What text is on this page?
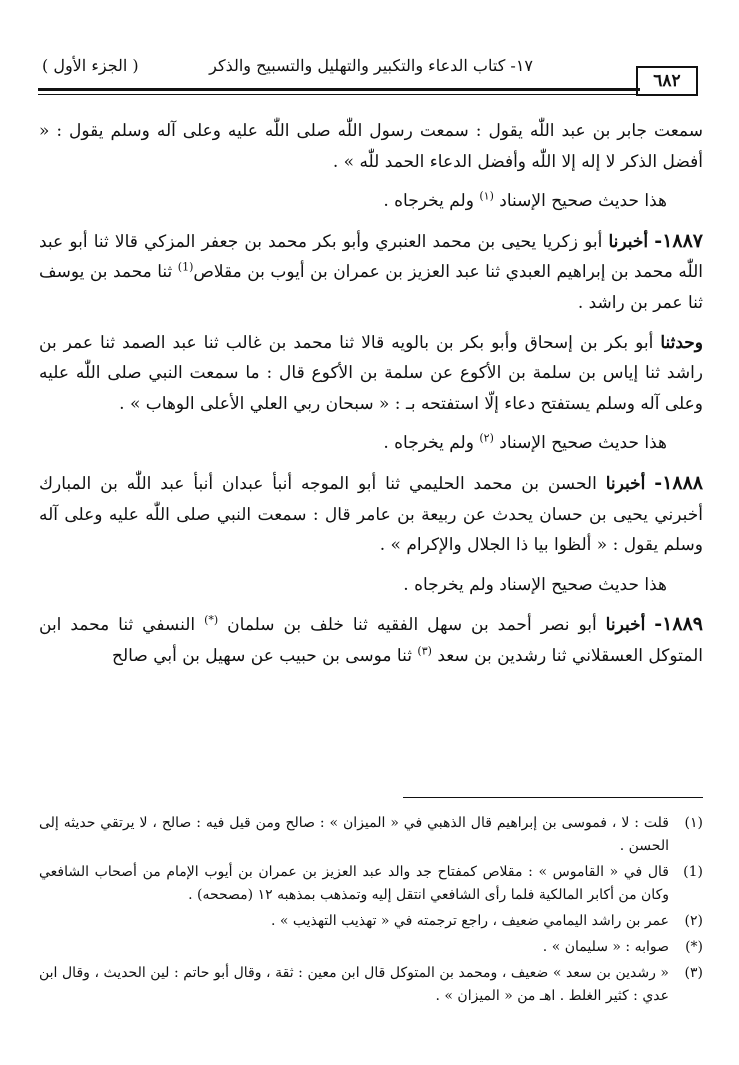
٦٨٢
١٧- كتاب الدعاء والتكبير والتهليل والتسبيح والذكر
( الجزء الأول )

سمعت جابر بن عبد اللّٰه يقول : سمعت رسول اللّٰه صلى اللّٰه عليه وعلى آله وسلم يقول : « أفضل الذكر لا إله إلا اللّٰه وأفضل الدعاء الحمد للّٰه » .

هذا حديث صحيح الإسناد $^{(١)}$ ولم يخرجاه .

١٨٨٧- أخبرنا أبو زكريا يحيى بن محمد العنبري وأبو بكر محمد بن جعفر المزكي قالا ثنا أبو عبد اللّٰه محمد بن إبراهيم العبدي ثنا عبد العزيز بن عمران بن أيوب بن مقلاص$^{(1)}$ ثنا محمد بن يوسف ثنا عمر بن راشد .

وحدثنا أبو بكر بن إسحاق وأبو بكر بن بالويه قالا ثنا محمد بن غالب ثنا عبد الصمد ثنا عمر بن راشد ثنا إياس بن سلمة بن الأكوع عن سلمة بن الأكوع قال : ما سمعت النبي صلى اللّٰه عليه وعلى آله وسلم يستفتح دعاء إلّا استفتحه بـ : « سبحان ربي العلي الأعلى الوهاب » .

هذا حديث صحيح الإسناد $^{(٢)}$ ولم يخرجاه .

١٨٨٨- أخبرنا الحسن بن محمد الحليمي ثنا أبو الموجه أنبأ عبدان أنبأ عبد اللّٰه بن المبارك أخبرني يحيى بن حسان يحدث عن ربيعة بن عامر قال : سمعت النبي صلى اللّٰه عليه وعلى آله وسلم يقول : « ألظوا بيا ذا الجلال والإكرام » .

هذا حديث صحيح الإسناد ولم يخرجاه .

١٨٨٩- أخبرنا أبو نصر أحمد بن سهل الفقيه ثنا خلف بن سلمان (*) النسفي ثنا محمد ابن المتوكل العسقلاني ثنا رشدين بن سعد $^{(٣)}$ ثنا موسى بن حبيب عن سهيل بن أبي صالح

(١)
قلت : لا ، فموسى بن إبراهيم قال الذهبي في « الميزان » : صالح ومن قيل فيه : صالح ، لا يرتقي حديثه إلى الحسن .
(1)
قال في « القاموس » : مقلاص كمفتاح جد والد عبد العزيز بن عمران بن أيوب الإمام من أصحاب الشافعي وكان من أكابر المالكية فلما رأى الشافعي انتقل إليه وتمذهب بمذهبه ١٢ (مصححه) .
(٢)
عمر بن راشد اليمامي ضعيف ، راجع ترجمته في « تهذيب التهذيب » .
(*)
صوابه : « سليمان » .
(٣)
« رشدين بن سعد » ضعيف ، ومحمد بن المتوكل قال ابن معين : ثقة ، وقال أبو حاتم : لين الحديث ، وقال ابن عدي : كثير الغلط . اهـ من « الميزان » .
